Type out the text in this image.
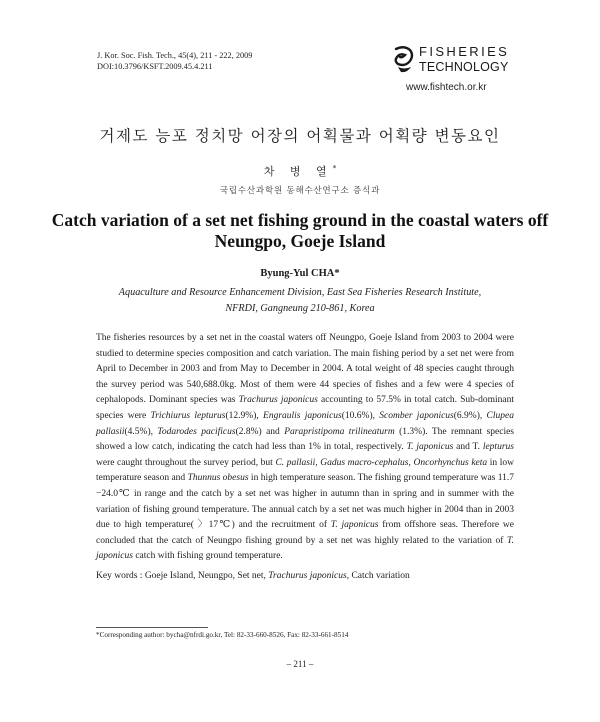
J. Kor. Soc. Fish. Tech., 45(4), 211 - 222, 2009
DOI:10.3796/KSFT.2009.45.4.211
FISHERIES
TECHNOLOGY
www.fishtech.or.kr
거제도 능포 정치망 어장의 어획물과 어획량 변동요인
차 병 열*
국립수산과학원 동해수산연구소 증식과
Catch variation of a set net fishing ground in the coastal waters off Neungpo, Goeje Island
Byung-Yul CHA*
Aquaculture and Resource Enhancement Division, East Sea Fisheries Research Institute,
NFRDI, Gangneung 210-861, Korea
The fisheries resources by a set net in the coastal waters off Neungpo, Goeje Island from 2003 to 2004 were studied to determine species composition and catch variation. The main fishing period by a set net were from April to December in 2003 and from May to December in 2004. A total weight of 48 species caught through the survey period was 540,688.0kg. Most of them were 44 species of fishes and a few were 4 species of cephalopods. Dominant species was Trachurus japonicus accounting to 57.5% in total catch. Sub-dominant species were Trichiurus lepturus(12.9%), Engraulis japonicus(10.6%), Scomber japonicus(6.9%), Clupea pallasii(4.5%), Todarodes pacificus(2.8%) and Parapristipoma trilineaturm (1.3%). The remnant species showed a low catch, indicating the catch had less than 1% in total, respectively. T. japonicus and T. lepturus were caught throughout the survey period, but C. pallasii, Gadus macro-cephalus, Oncorhynchus keta in low temperature season and Thunnus obesus in high temperature season. The fishing ground temperature was 11.7 −24.0℃ in range and the catch by a set net was higher in autumn than in spring and in summer with the variation of fishing ground temperature. The annual catch by a set net was much higher in 2004 than in 2003 due to high temperature( 〉17℃) and the recruitment of T. japonicus from offshore seas. Therefore we concluded that the catch of Neungpo fishing ground by a set net was highly related to the variation of T. japonicus catch with fishing ground temperature.
Key words : Goeje Island, Neungpo, Set net, Trachurus japonicus, Catch variation
*Corresponding author: bycha@nfrdi.go.kr, Tel: 82-33-660-8526, Fax: 82-33-661-8514
– 211 –
